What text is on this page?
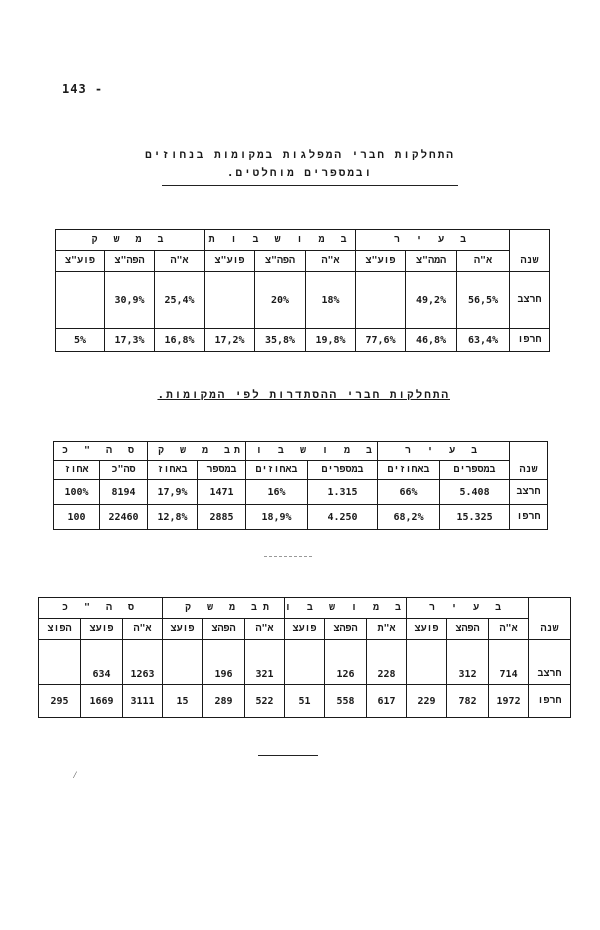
143 -
התחלקות חברי המפלגות במקומות בנחוזים
ובמספרים מוחלטים.
	ב ע י ר			ב מ ו ש ב ו ת			ב מ ש ק		
שנה	א"ה	המה"צ	פוע"צ	א"ה	הפה"צ	פוע"צ	א"ה	הפה"צ	פוע"צ
חרצב	56,5%	49,2%		18%	20%		25,4%	30,9%	
חרפו	63,4%	46,8%	77,6%	19,8%	35,8%	17,2%	16,8%	17,3%	5%
התחלקות חברי ההסתדרות לפי המקומות.
	ב ע י ר		ב מ ו ש ב ו ת		ב מ ש ק		ס ה " כ	
שנה	במספרים	באחוזים	במספרים	באחוזים	במספר	באחוז	סה"כ	אחוז
חרצב	5.408	66%	1.315	16%	1471	17,9%	8194	100%
חרפו	15.325	68,2%	4.250	18,9%	2885	12,8%	22460	100
	ב ע י ר			ב מ ו ש ב ו ת			ב מ ש ק			ס ה " כ		
שנה	א"ה	הפהצ	פועצ	א"ת	הפהצ	פועצ	א"ה	הפהצ	פועצ	א"ה	פועצ	הפוצ
חרצב	714	312		228	126		321	196		1263	634	
חרפו	1972	782	229	617	558	51	522	289	15	3111	1669	295
⁄
